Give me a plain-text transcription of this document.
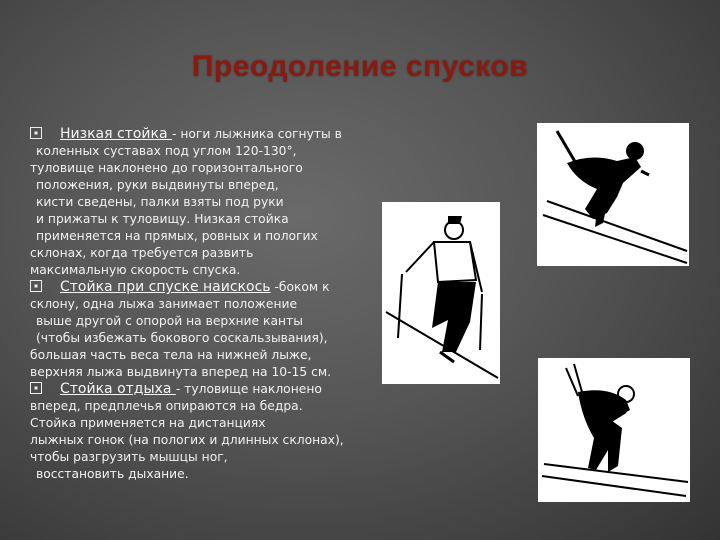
Преодоление спусков
Низкая стойка - ноги лыжника согнуты в
коленных суставах под углом 120-130°,
туловище наклонено до горизонтального
положения, руки выдвинуты вперед,
кисти сведены, палки взяты под руки
и прижаты к туловищу. Низкая стойка
применяется на прямых, ровных и пологих
склонах, когда требуется развить
максимальную скорость спуска.
Стойка при спуске наискось -боком к
склону, одна лыжа занимает положение
выше другой с опорой на верхние канты
(чтобы избежать бокового соскальзывания),
большая часть веса тела на нижней лыже,
верхняя лыжа выдвинута вперед на 10-15 см.
Стойка отдыха - туловище наклонено
вперед, предплечья опираются на бедра.
Стойка применяется на дистанциях
лыжных гонок (на пологих и длинных склонах),
чтобы разгрузить мышцы ног,
восстановить дыхание.
